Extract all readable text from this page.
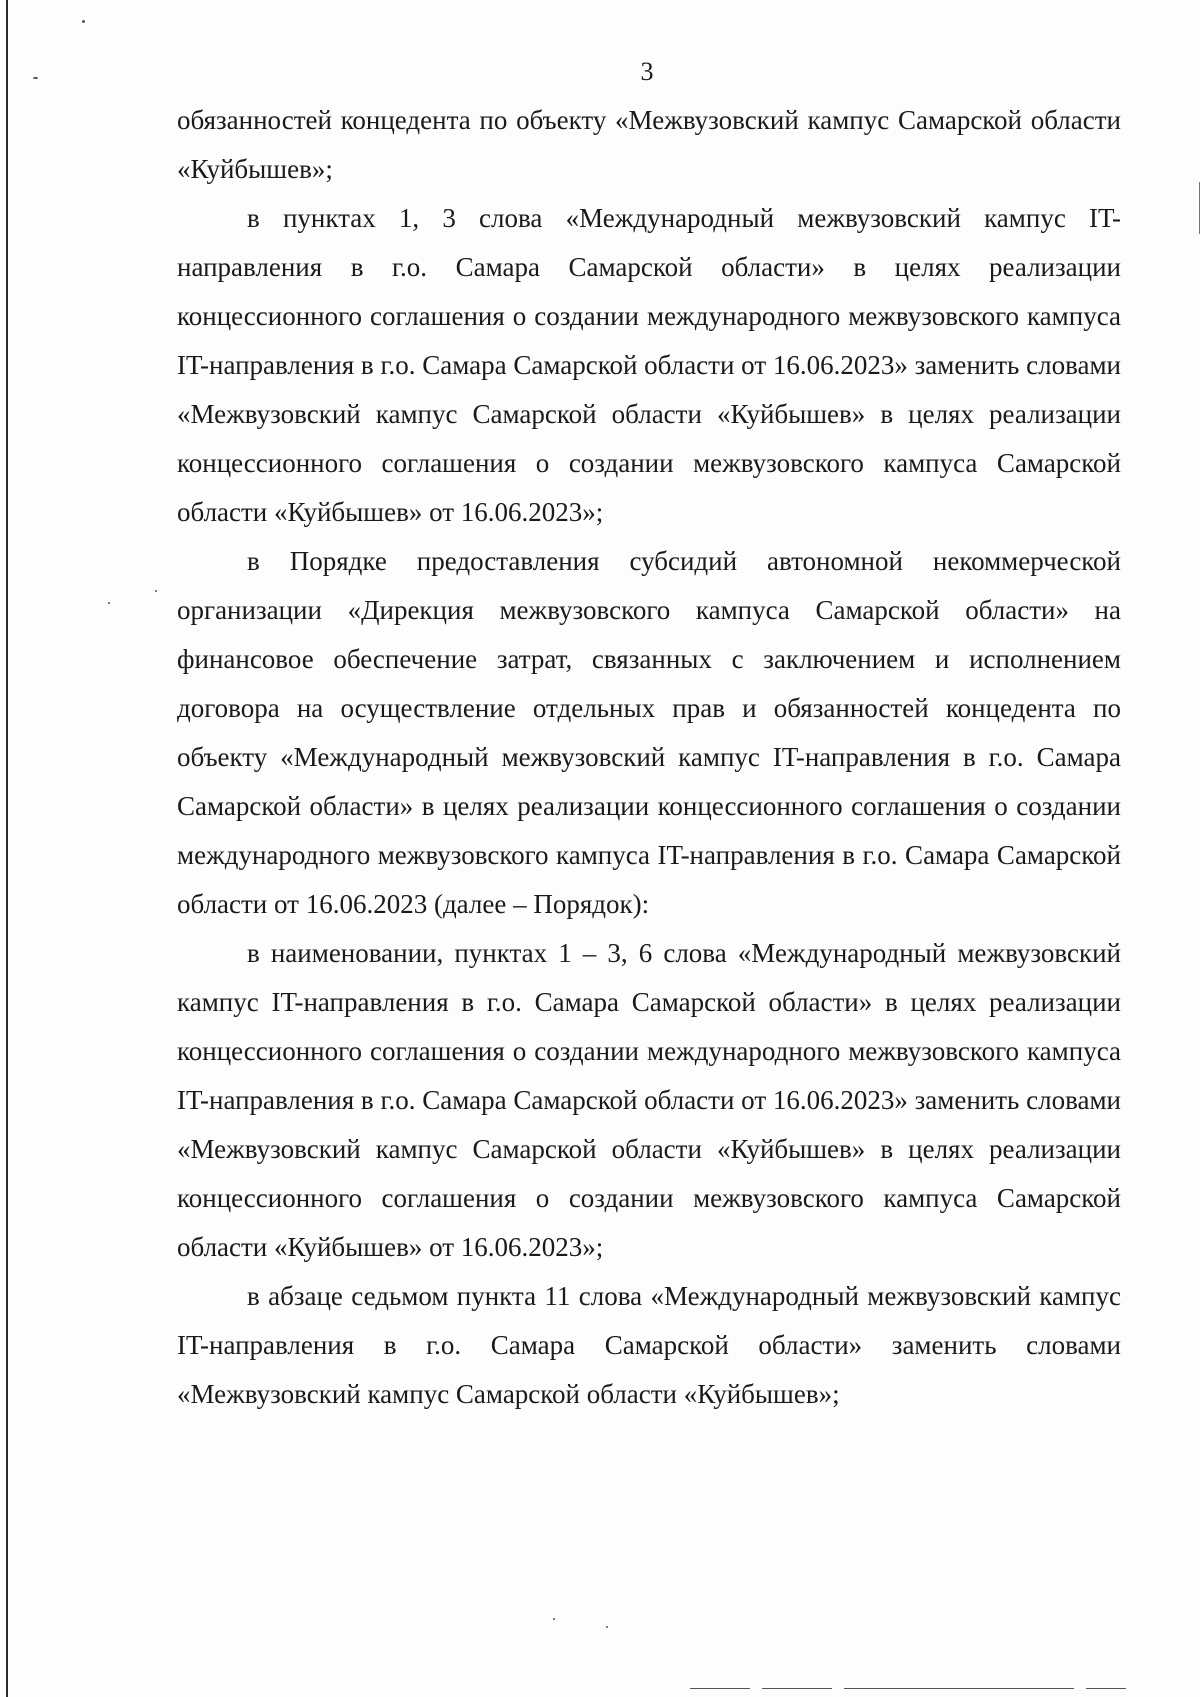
3

обязанностей концедента по объекту «Межвузовский кампус Самарской области «Куйбышев»;

в пунктах 1, 3 слова «Международный межвузовский кампус IT-направления в г.о. Самара Самарской области» в целях реализации концессионного соглашения о создании международного межвузовского кампуса IT-направления в г.о. Самара Самарской области от 16.06.2023» заменить словами «Межвузовский кампус Самарской области «Куйбышев» в целях реализации концессионного соглашения о создании межвузовского кампуса Самарской области «Куйбышев» от 16.06.2023»;

в Порядке предоставления субсидий автономной некоммерческой организации «Дирекция межвузовского кампуса Самарской области» на финансовое обеспечение затрат, связанных с заключением и исполнением договора на осуществление отдельных прав и обязанностей концедента по объекту «Международный межвузовский кампус IT-направления в г.о. Самара Самарской области» в целях реализации концессионного соглашения о создании международного межвузовского кампуса IT-направления в г.о. Самара Самарской области от 16.06.2023 (далее – Порядок):

в наименовании, пунктах 1 – 3, 6 слова «Международный межвузовский кампус IT-направления в г.о. Самара Самарской области» в целях реализации концессионного соглашения о создании международного межвузовского кампуса IT-направления в г.о. Самара Самарской области от 16.06.2023» заменить словами «Межвузовский кампус Самарской области «Куйбышев» в целях реализации концессионного соглашения о создании межвузовского кампуса Самарской области «Куйбышев» от 16.06.2023»;

в абзаце седьмом пункта 11 слова «Международный межвузовский кампус IT-направления в г.о. Самара Самарской области» заменить словами «Межвузовский кампус Самарской области «Куйбышев»;
